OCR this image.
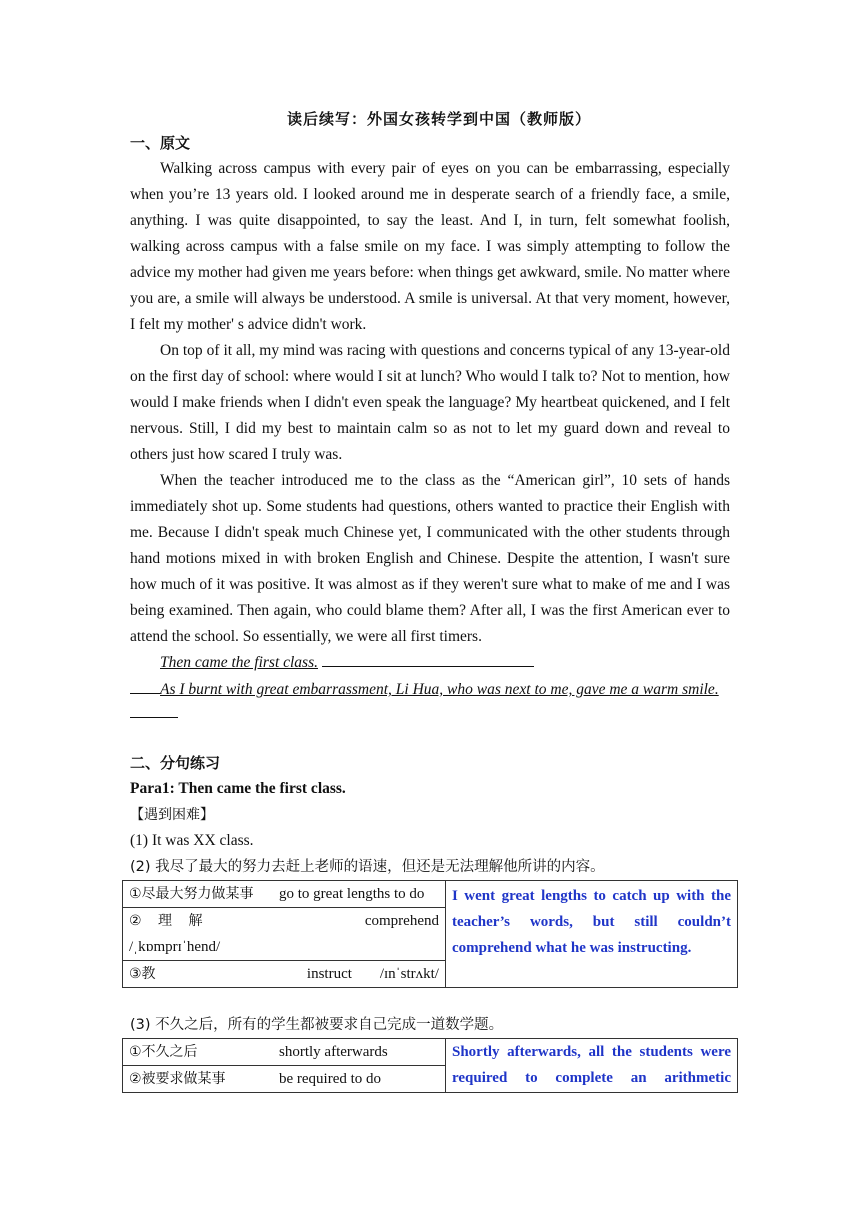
读后续写：外国女孩转学到中国（教师版）
一、原文

Walking across campus with every pair of eyes on you can be embarrassing, especially when you’re 13 years old. I looked around me in desperate search of a friendly face, a smile, anything. I was quite disappointed, to say the least. And I, in turn, felt somewhat foolish, walking across campus with a false smile on my face. I was simply attempting to follow the advice my mother had given me years before: when things get awkward, smile. No matter where you are, a smile will always be understood. A smile is universal. At that very moment, however, I felt my mother' s advice didn't work.

On top of it all, my mind was racing with questions and concerns typical of any 13-year-old on the first day of school: where would I sit at lunch? Who would I talk to? Not to mention, how would I make friends when I didn't even speak the language? My heartbeat quickened, and I felt nervous. Still, I did my best to maintain calm so as not to let my guard down and reveal to others just how scared I truly was.

When the teacher introduced me to the class as the “American girl”, 10 sets of hands immediately shot up. Some students had questions, others wanted to practice their English with me. Because I didn't speak much Chinese yet, I communicated with the other students through hand motions mixed in with broken English and Chinese. Despite the attention, I wasn't sure how much of it was positive. It was almost as if they weren't sure what to make of me and I was being examined. Then again, who could blame them? After all, I was the first American ever to attend the school. So essentially, we were all first timers.

Then came the first class.
As I burnt with great embarrassment, Li Hua, who was next to me, gave me a warm smile.
二、分句练习
Para1: Then came the first class.
【遇到困难】
(1) It was XX class.
(2) 我尽了最大的努力去赶上老师的语速，但还是无法理解他所讲的内容。
①尽最大努力做某事	go to great lengths to do	I went great lengths to catch up with the teacher’s words, but still couldn’t comprehend what he was instructing.

② 理 解	comprehend
/ˌkɒmprɪˈhend/

③教	instruct /ɪnˈstrʌkt/
(3) 不久之后，所有的学生都被要求自己完成一道数学题。
①不久之后	shortly afterwards	Shortly afterwards, all the students were required to complete an arithmetic

②被要求做某事	be required to do
